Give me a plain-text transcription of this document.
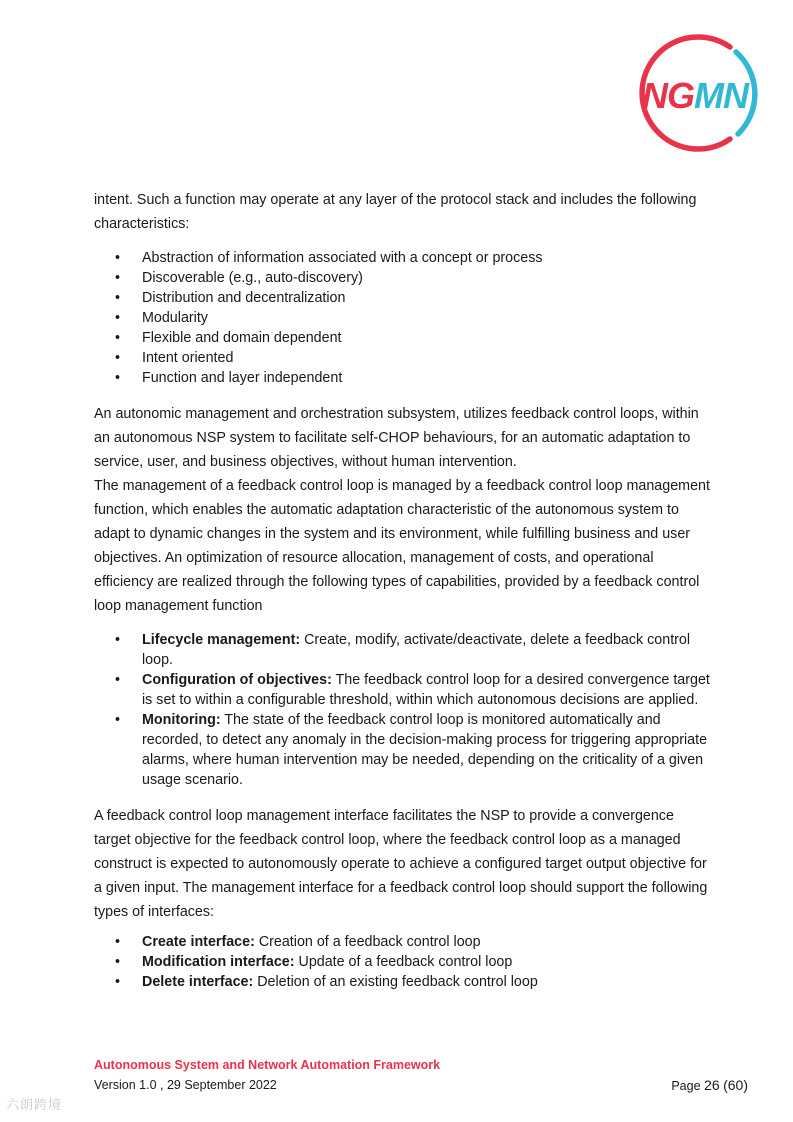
NGMN

intent. Such a function may operate at any layer of the protocol stack and includes the following characteristics:

• Abstraction of information associated with a concept or process
• Discoverable (e.g., auto-discovery)
• Distribution and decentralization
• Modularity
• Flexible and domain dependent
• Intent oriented
• Function and layer independent

An autonomic management and orchestration subsystem, utilizes feedback control loops, within an autonomous NSP system to facilitate self-CHOP behaviours, for an automatic adaptation to service, user, and business objectives, without human intervention.

The management of a feedback control loop is managed by a feedback control loop management function, which enables the automatic adaptation characteristic of the autonomous system to adapt to dynamic changes in the system and its environment, while fulfilling business and user objectives. An optimization of resource allocation, management of costs, and operational efficiency are realized through the following types of capabilities, provided by a feedback control loop management function

• Lifecycle management: Create, modify, activate/deactivate, delete a feedback control loop.
• Configuration of objectives: The feedback control loop for a desired convergence target is set to within a configurable threshold, within which autonomous decisions are applied.
• Monitoring: The state of the feedback control loop is monitored automatically and recorded, to detect any anomaly in the decision-making process for triggering appropriate alarms, where human intervention may be needed, depending on the criticality of a given usage scenario.

A feedback control loop management interface facilitates the NSP to provide a convergence target objective for the feedback control loop, where the feedback control loop as a managed construct is expected to autonomously operate to achieve a configured target output objective for a given input. The management interface for a feedback control loop should support the following types of interfaces:

• Create interface: Creation of a feedback control loop
• Modification interface: Update of a feedback control loop
• Delete interface: Deletion of an existing feedback control loop
Autonomous System and Network Automation Framework
Version 1.0 , 29 September 2022	Page 26 (60)
六朗跨境
